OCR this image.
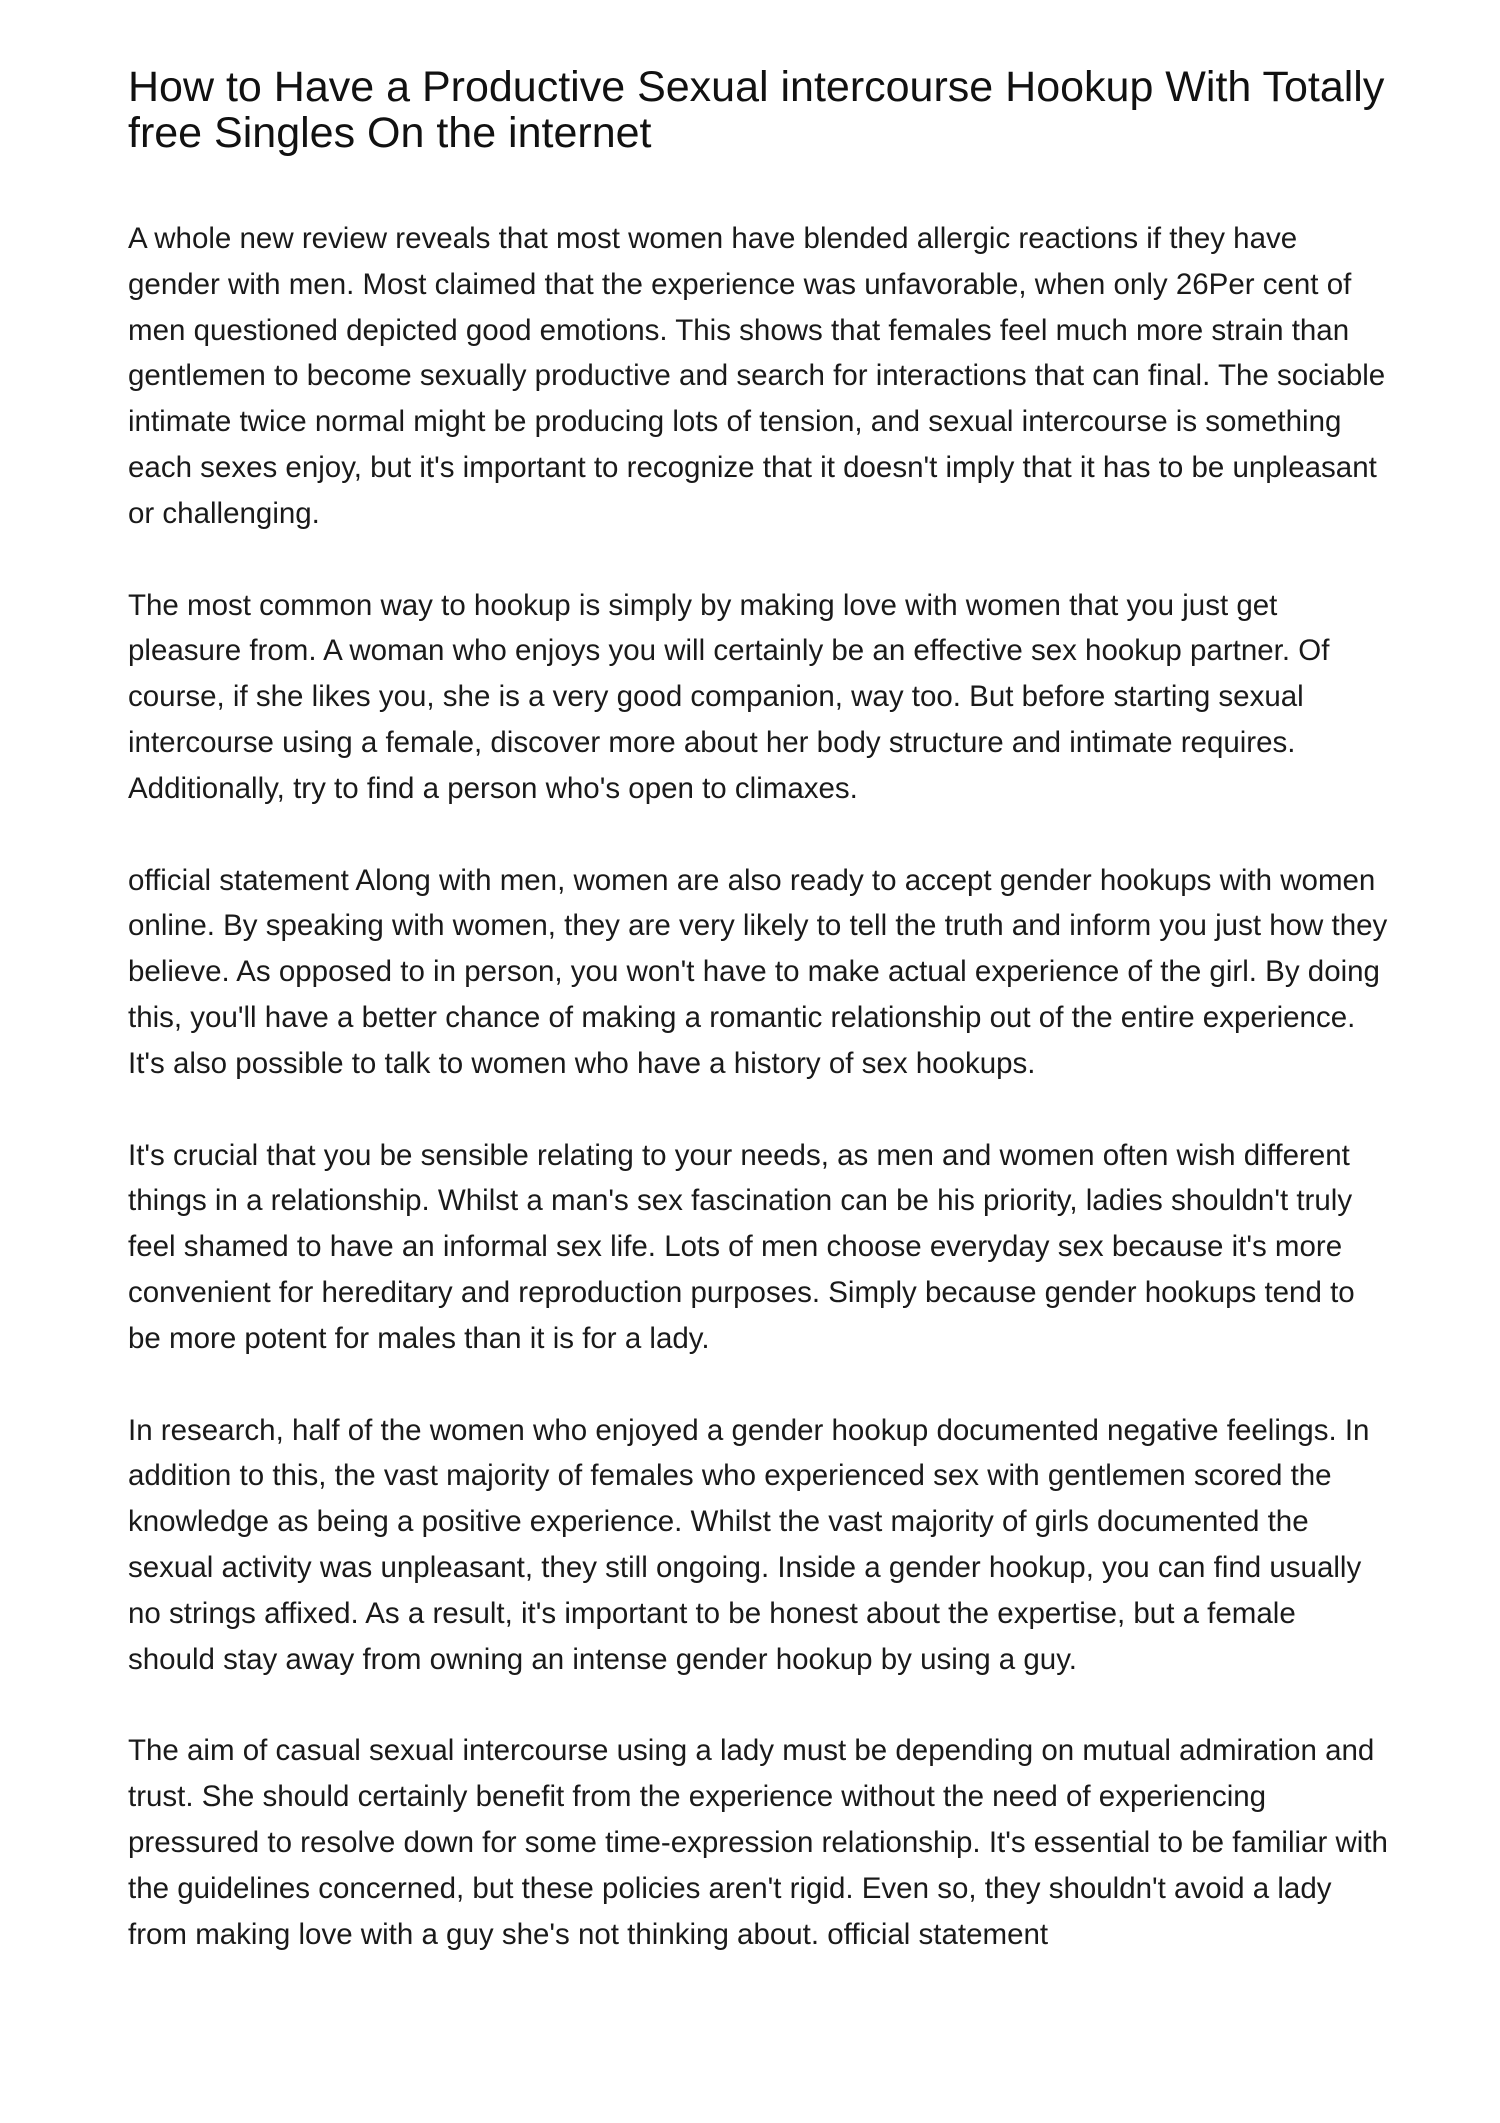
How to Have a Productive Sexual intercourse Hookup With Totally free Singles On the internet

A whole new review reveals that most women have blended allergic reactions if they have gender with men. Most claimed that the experience was unfavorable, when only 26Per cent of men questioned depicted good emotions. This shows that females feel much more strain than gentlemen to become sexually productive and search for interactions that can final. The sociable intimate twice normal might be producing lots of tension, and sexual intercourse is something each sexes enjoy, but it's important to recognize that it doesn't imply that it has to be unpleasant or challenging.

The most common way to hookup is simply by making love with women that you just get pleasure from. A woman who enjoys you will certainly be an effective sex hookup partner. Of course, if she likes you, she is a very good companion, way too. But before starting sexual intercourse using a female, discover more about her body structure and intimate requires. Additionally, try to find a person who's open to climaxes.

official statement Along with men, women are also ready to accept gender hookups with women online. By speaking with women, they are very likely to tell the truth and inform you just how they believe. As opposed to in person, you won't have to make actual experience of the girl. By doing this, you'll have a better chance of making a romantic relationship out of the entire experience. It's also possible to talk to women who have a history of sex hookups.

It's crucial that you be sensible relating to your needs, as men and women often wish different things in a relationship. Whilst a man's sex fascination can be his priority, ladies shouldn't truly feel shamed to have an informal sex life. Lots of men choose everyday sex because it's more convenient for hereditary and reproduction purposes. Simply because gender hookups tend to be more potent for males than it is for a lady.

In research, half of the women who enjoyed a gender hookup documented negative feelings. In addition to this, the vast majority of females who experienced sex with gentlemen scored the knowledge as being a positive experience. Whilst the vast majority of girls documented the sexual activity was unpleasant, they still ongoing. Inside a gender hookup, you can find usually no strings affixed. As a result, it's important to be honest about the expertise, but a female should stay away from owning an intense gender hookup by using a guy.

The aim of casual sexual intercourse using a lady must be depending on mutual admiration and trust. She should certainly benefit from the experience without the need of experiencing pressured to resolve down for some time-expression relationship. It's essential to be familiar with the guidelines concerned, but these policies aren't rigid. Even so, they shouldn't avoid a lady from making love with a guy she's not thinking about. official statement
